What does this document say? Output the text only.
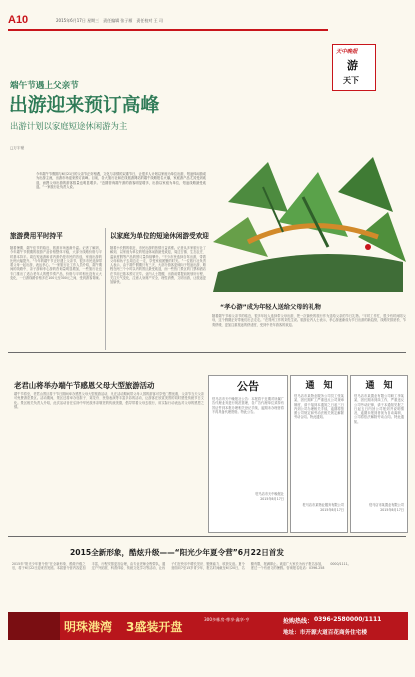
A10	2015年6月17日 星期三　责任编辑 张子雁　责任校对 王 司
天中晚报
游
天下
端午节遇上父亲节
出游迎来预订高峰
出游计划以家庭短途休闲游为主
□万宇豪
今年端午节假期与6月21日的父亲节正好相遇，文化与亲情的双重节日，让很多人计划以家庭为单位出游，短途休闲游成为出游主流，出游市场迎来预订高峰。目前，各大旅行社和在线旅游网站的端午线路报名火爆，家庭游产品尤其受到欢迎，而携父母出游的游客数量也明显增多。“近期咨询端午游的游客明显增多，出游以家庭为单位，短途线路最受欢迎。”一家旅行社负责人说。
旅游费用平时持平
随着暑期、端午佳节的临近，旅游市场逐渐升温。记者了解到，今年端午节假期的旅游产品价格整体平稳，大部分线路价格与平时基本持平。周边短途游和省内游仍是市民的首选，家庭出游的比例大幅提升。“今年的端午节正好遇上父亲节，很多市民选择带着父母一起出游，表达孝心。”一家旅行社工作人员介绍，端午期间的线路中，亲子游和孝心游的咨询量明显增加，一些旅行社也专门推出了适合老年人的慢节奏产品，价格与平时相比没有太大变化，一日游线路价格多在100元至300元之间，受到游客青睐。
以家庭为单位的短途休闲游受欢迎
随着小长假的临近，市民出游的热情日益高涨。记者从多家旅行社了解到，以家庭为单位的短途休闲游最受欢迎，周边古镇、生态农庄、温泉度假等产品的预订量持续攀升。“不少市民选择自驾出游，带着父母和孩子去周边走一走，享受家庭团聚的时光。”一位旅行社负责人表示，由于端午假期只有三天，大部分游客更倾向于短途出游，路程在两三个小时以内的景区最受欢迎，而一些热门景区的门票和酒店在节前已基本预订完毕。业内人士提醒，出游前要提前规划好行程，关注天气变化，注意人身财产安全，理性消费，文明出游，让旅途更加愉快。
“孝心游”成为年轻人送给父母的礼物
随着端午节和父亲节的临近，很多年轻人选择带父母出游，把一次愉快的旅行作为送给父亲的节日礼物。“平时工作忙，很少有时间陪父母，这个假期正好带他们出去走走。”在郑州工作的刘先生说。旅游业内人士表示，孝心游逐渐成为节日出游的新趋势，线路安排宽松、节奏舒缓，更加注重旅途的舒适度，受到中老年游客的欢迎。
老君山将举办端午节感恩父母大型旅游活动
端午节将至，老君山景区将于节日期间举办感恩父母大型旅游活动，凡在活动期间带父母入园的游客可享受门票优惠，父亲节当天父亲可免费游览景区。活动期间，景区还将举办包粽子、赛龙舟、民俗表演等丰富多彩的活动，让游客在欣赏美景的同时感受传统节日文化。景区相关负责人介绍，此次活动旨在弘扬中华民族孝亲敬老的传统美德，倡导带着父母去旅行，用实际行动表达对父母的感恩之情。
公告
驻马店市天中晚报社公告：本报将于近期对所属广告代理业务进行规范管理，各广告代理单位须持有效证件到本报办理相关登记手续，逾期未办理者将不再具备代理资格。特此公告。
驻马店市天中晚报社
2015年6月17日
通　知
驻马店市某物业服务公司员工张某某，因长期旷工严重违反公司规章制度，请于接到本通知之日起三日内到公司办理相关手续，逾期将按照公司规定和劳动法相关规定解除劳动合同。特此通知。
驻马店市某物业服务有限公司
2015年6月17日
通　知
驻马店市某置业有限公司职工李某某，因长期未到岗工作，严重违反公司劳动纪律，请于本通知见报之日起五日内回公司报到并说明情况，逾期未报到者视为自动离职，公司将依法解除劳动合同。特此通知。
驻马店市某置业有限公司
2015年6月17日
2015全新形象，酷炫升级——“阳光少年夏令营”6月22日首发
2015年“阳光少年夏令营”在全新形象、酷炫升级之后，将于6月22日迎来首发团。本届夏令营内容更加丰富，行程安排更加合理，由专业老师全程带队，通过户外拓展、科普体验、传统文化学习等活动，让孩子们在快乐中增长见识、锻炼能力、收获友谊。夏令营面向7至15岁青少年，报名时间截至6月20日，名额有限，报满即止。欢迎广大家长为孩子报名参加，度过一个有意义的暑假。咨询报名电话：0396-2580000/1111。
明珠港湾 3盛装开盘
300多栋房·尊享·鑫享·亨	抢购热线： 0396-2580000/1111
地址：市开源大道百花商务住宅楼
